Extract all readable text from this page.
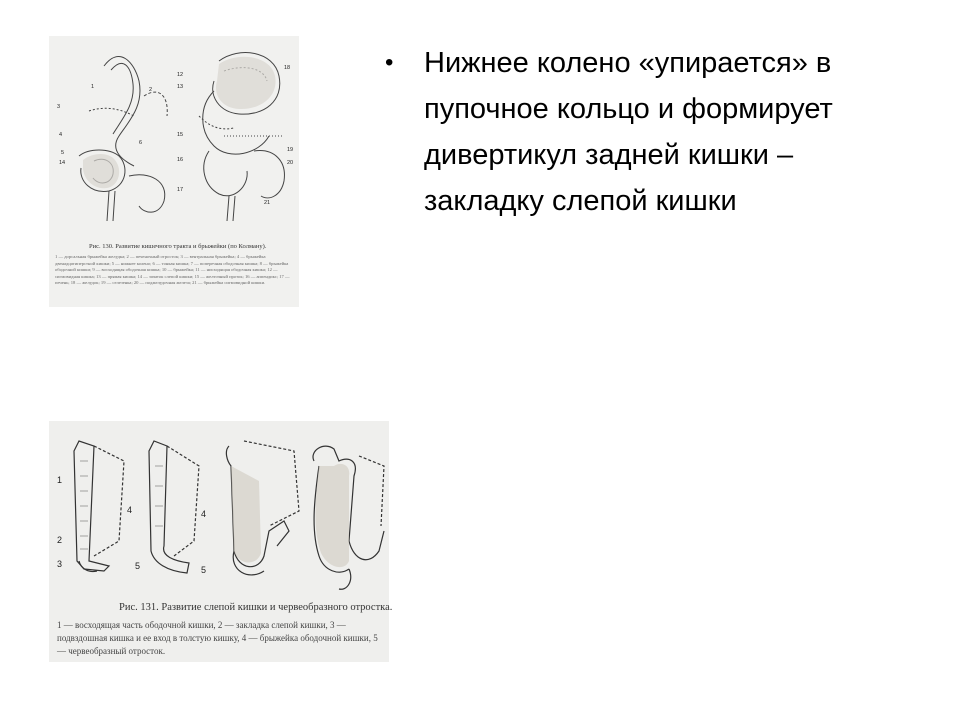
3
4
5
6
14
1	2
12
13
15
16
17
18
19
20
21
Рис. 130. Развитие кишечного тракта и брыжейки (по Колману).
1 — дорсальная брыжейка желудка; 2 — печеночный отросток; 3 — вентральная брыжейка; 4 — брыжейка двенадцатиперстной кишки; 5 — нижнее колено; 6 — тонкая кишка; 7 — поперечная ободочная кишка; 8 — брыжейка ободочной кишки; 9 — восходящая ободочная кишка; 10 — брыжейка; 11 — нисходящая ободочная кишка; 12 — сигмовидная кишка; 13 — прямая кишка; 14 — зачаток слепой кишки; 15 — желточный проток; 16 — аппендикс; 17 — печень; 18 — желудок; 19 — селезенка; 20 — поджелудочная железа; 21 — брыжейка сигмовидной кишки.
1
2
3
4
5
4
5
Рис. 131. Развитие слепой кишки и червеобразного отростка.
1 — восходящая часть ободочной кишки, 2 — закладка слепой кишки, 3 — подвздошная кишка и ее вход в толстую кишку, 4 — брыжейка ободочной кишки, 5 — червеобразный отросток.
• Нижнее колено «упирается» в пупочное кольцо и формирует дивертикул задней кишки – закладку слепой кишки
